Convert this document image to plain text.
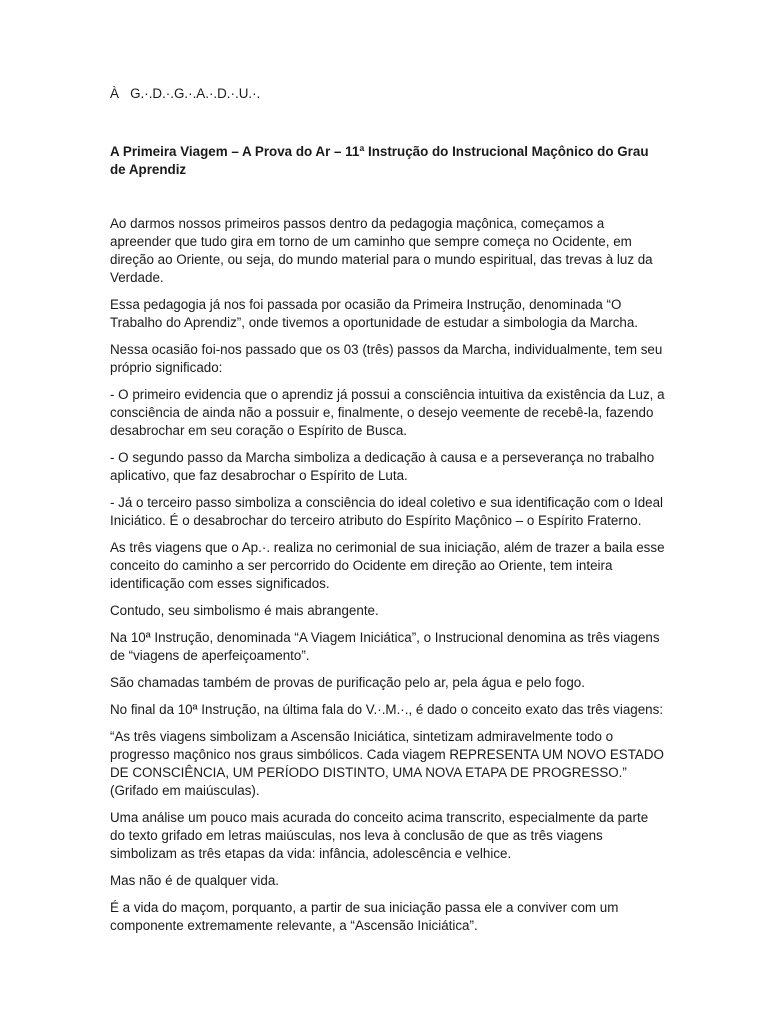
À   G.·.D.·.G.·.A.·.D.·.U.·.

A Primeira Viagem – A Prova do Ar – 11ª Instrução do Instrucional Maçônico do Grau de Aprendiz

Ao darmos nossos primeiros passos dentro da pedagogia maçônica, começamos a apreender que tudo gira em torno de um caminho que sempre começa no Ocidente, em direção ao Oriente, ou seja, do mundo material para o mundo espiritual, das trevas à luz da Verdade.

Essa pedagogia já nos foi passada por ocasião da Primeira Instrução, denominada “O Trabalho do Aprendiz”, onde tivemos a oportunidade de estudar a simbologia da Marcha.

Nessa ocasião foi-nos passado que os 03 (três) passos da Marcha, individualmente, tem seu próprio significado:

- O primeiro evidencia que o aprendiz já possui a consciência intuitiva da existência da Luz, a consciência de ainda não a possuir e, finalmente, o desejo veemente de recebê-la, fazendo desabrochar em seu coração o Espírito de Busca.

- O segundo passo da Marcha simboliza a dedicação à causa e a perseverança no trabalho aplicativo, que faz desabrochar o Espírito de Luta.

- Já o terceiro passo simboliza a consciência do ideal coletivo e sua identificação com o Ideal Iniciático. É o desabrochar do terceiro atributo do Espírito Maçônico – o Espírito Fraterno.

As três viagens que o Ap.·. realiza no cerimonial de sua iniciação, além de trazer a baila esse conceito do caminho a ser percorrido do Ocidente em direção ao Oriente, tem inteira identificação com esses significados.

Contudo, seu simbolismo é mais abrangente.

Na 10ª Instrução, denominada “A Viagem Iniciática”, o Instrucional denomina as três viagens de “viagens de aperfeiçoamento”.

São chamadas também de provas de purificação pelo ar, pela água e pelo fogo.

No final da 10ª Instrução, na última fala do V.·.M.·., é dado o conceito exato das três viagens:

“As três viagens simbolizam a Ascensão Iniciática, sintetizam admiravelmente todo o progresso maçônico nos graus simbólicos. Cada viagem REPRESENTA UM NOVO ESTADO DE CONSCIÊNCIA, UM PERÍODO DISTINTO, UMA NOVA ETAPA DE PROGRESSO.” (Grifado em maiúsculas).

Uma análise um pouco mais acurada do conceito acima transcrito, especialmente da parte do texto grifado em letras maiúsculas, nos leva à conclusão de que as três viagens simbolizam as três etapas da vida: infância, adolescência e velhice.

Mas não é de qualquer vida.

É a vida do maçom, porquanto, a partir de sua iniciação passa ele a conviver com um componente extremamente relevante, a “Ascensão Iniciática”.
